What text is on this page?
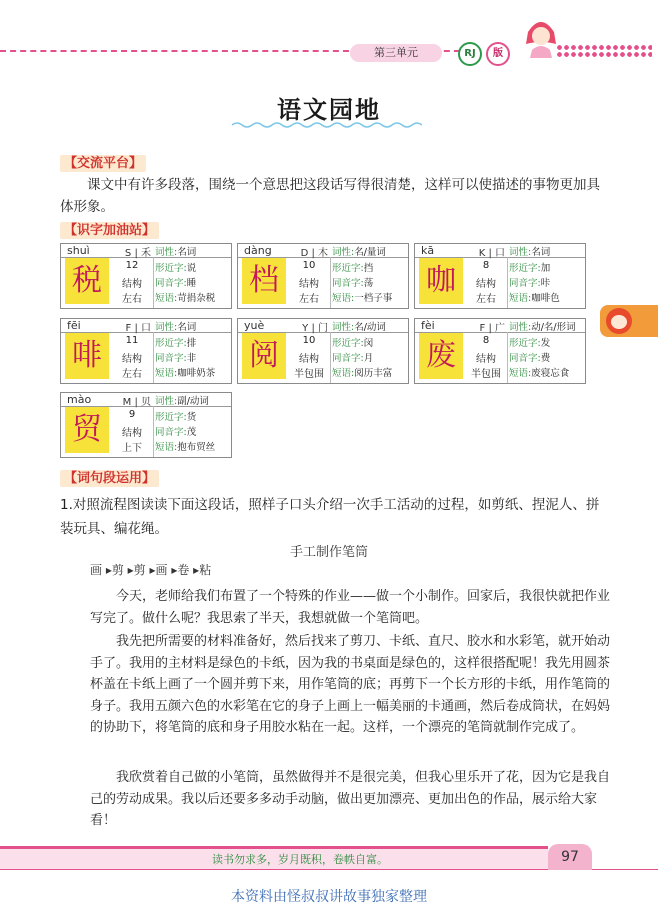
第三单元	RJ	版
语文园地
【交流平台】
课文中有许多段落，围绕一个意思把这段话写得很清楚，这样可以使描述的事物更加具体形象。
【识字加油站】
shuì	S | 禾
税	12
结构
左右
词性:名词
形近字:说
同音字:睡
短语:苛捐杂税
dàng	D | 木
档	10
结构
左右
词性:名/量词
形近字:挡
同音字:荡
短语:一档子事
kā	K | 口
咖	8
结构
左右
词性:名词
形近字:加
同音字:咔
短语:咖啡色
fēi	F | 口
啡	11
结构
左右
词性:名词
形近字:排
同音字:非
短语:咖啡奶茶
yuè	Y | 门
阅	10
结构
半包围
词性:名/动词
形近字:闵
同音字:月
短语:阅历丰富
fèi	F | 广
废	8
结构
半包围
词性:动/名/形词
形近字:发
同音字:费
短语:废寝忘食
mào	M | 贝
贸	9
结构
上下
词性:副/动词
形近字:货
同音字:茂
短语:抱布贸丝
【词句段运用】
1.对照流程图读读下面这段话，照样子口头介绍一次手工活动的过程，如剪纸、捏泥人、拼装玩具、编花绳。
手工制作笔筒
画 ▸剪 ▸剪 ▸画 ▸卷 ▸粘
今天，老师给我们布置了一个特殊的作业——做一个小制作。回家后，我很快就把作业写完了。做什么呢？我思索了半天，我想就做一个笔筒吧。
我先把所需要的材料准备好，然后找来了剪刀、卡纸、直尺、胶水和水彩笔，就开始动手了。我用的主材料是绿色的卡纸，因为我的书桌面是绿色的，这样很搭配呢！我先用圆茶杯盖在卡纸上画了一个圆并剪下来，用作笔筒的底；再剪下一个长方形的卡纸，用作笔筒的身子。我用五颜六色的水彩笔在它的身子上画上一幅美丽的卡通画，然后卷成筒状，在妈妈的协助下，将笔筒的底和身子用胶水粘在一起。这样，一个漂亮的笔筒就制作完成了。
我欣赏着自己做的小笔筒，虽然做得并不是很完美，但我心里乐开了花，因为它是我自己的劳动成果。我以后还要多多动手动脑，做出更加漂亮、更加出色的作品，展示给大家看！
读书勿求多，岁月既积，卷帙自富。	97
本资料由怪叔叔讲故事独家整理
